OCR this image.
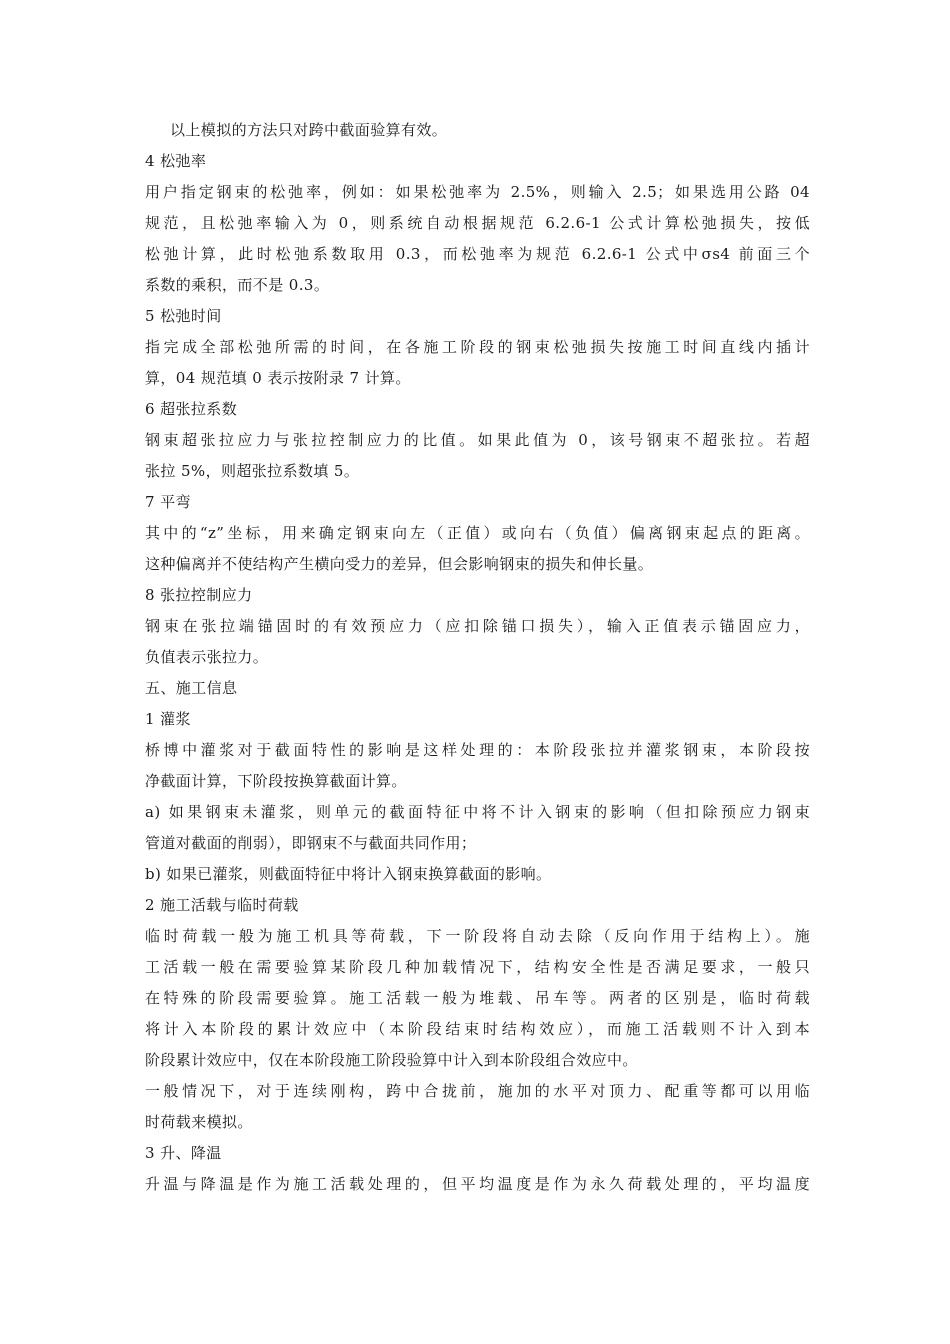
以上模拟的方法只对跨中截面验算有效。
4 松弛率
用户指定钢束的松弛率，例如：如果松弛率为 2.5%，则输入 2.5；如果选用公路 04
规范，且松弛率输入为 0，则系统自动根据规范 6.2.6-1 公式计算松弛损失，按低
松弛计算，此时松弛系数取用 0.3，而松弛率为规范 6.2.6-1 公式中σs4 前面三个
系数的乘积，而不是 0.3。
5 松弛时间
指完成全部松弛所需的时间，在各施工阶段的钢束松弛损失按施工时间直线内插计
算，04 规范填 0 表示按附录 7 计算。
6 超张拉系数
钢束超张拉应力与张拉控制应力的比值。如果此值为 0，该号钢束不超张拉。若超
张拉 5%，则超张拉系数填 5。
7 平弯
其中的“z”坐标，用来确定钢束向左（正值）或向右（负值）偏离钢束起点的距离。
这种偏离并不使结构产生横向受力的差异，但会影响钢束的损失和伸长量。
8 张拉控制应力
钢束在张拉端锚固时的有效预应力（应扣除锚口损失），输入正值表示锚固应力，
负值表示张拉力。
五、施工信息
1 灌浆
桥博中灌浆对于截面特性的影响是这样处理的：本阶段张拉并灌浆钢束，本阶段按
净截面计算，下阶段按换算截面计算。
a) 如果钢束未灌浆，则单元的截面特征中将不计入钢束的影响（但扣除预应力钢束
管道对截面的削弱），即钢束不与截面共同作用；
b) 如果已灌浆，则截面特征中将计入钢束换算截面的影响。
2 施工活载与临时荷载
临时荷载一般为施工机具等荷载，下一阶段将自动去除（反向作用于结构上）。施
工活载一般在需要验算某阶段几种加载情况下，结构安全性是否满足要求，一般只
在特殊的阶段需要验算。施工活载一般为堆载、吊车等。两者的区别是，临时荷载
将计入本阶段的累计效应中（本阶段结束时结构效应），而施工活载则不计入到本
阶段累计效应中，仅在本阶段施工阶段验算中计入到本阶段组合效应中。
一般情况下，对于连续刚构，跨中合拢前，施加的水平对顶力、配重等都可以用临
时荷载来模拟。
3 升、降温
升温与降温是作为施工活载处理的，但平均温度是作为永久荷载处理的，平均温度
